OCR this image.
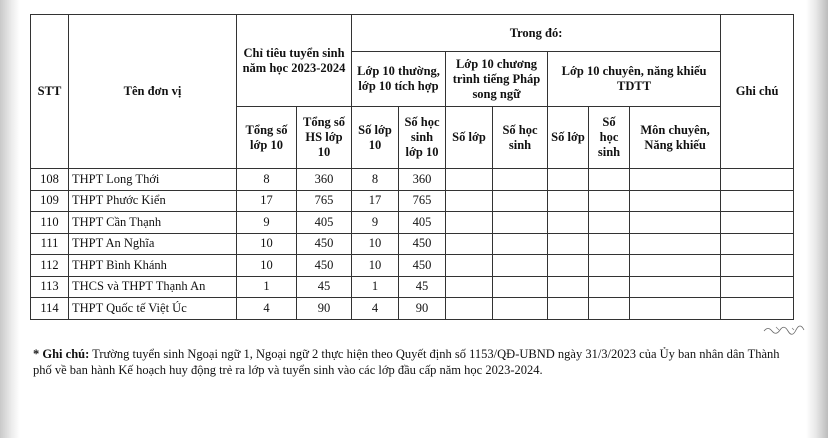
STT	Tên đơn vị	Chỉ tiêu tuyển sinh năm học 2023-2024		Trong đó:							Ghi chú
				Lớp 10 thường, lớp 10 tích hợp		Lớp 10 chương trình tiếng Pháp song ngữ		Lớp 10 chuyên, năng khiếu TDTT			
		Tổng số lớp 10	Tổng số HS lớp 10	Số lớp 10	Số học sinh lớp 10	Số lớp	Số học sinh	Số lớp	Số học sinh	Môn chuyên, Năng khiếu	
108	THPT Long Thới	8	360	8	360						
109	THPT Phước Kiển	17	765	17	765						
110	THPT Cần Thạnh	9	405	9	405						
111	THPT An Nghĩa	10	450	10	450						
112	THPT Bình Khánh	10	450	10	450						
113	THCS và THPT Thạnh An	1	45	1	45						
114	THPT Quốc tế Việt Úc	4	90	4	90						
* Ghi chú: Trường tuyển sinh Ngoại ngữ 1, Ngoại ngữ 2 thực hiện theo Quyết định số 1153/QĐ-UBND ngày 31/3/2023 của Ủy ban nhân dân Thành phố về ban hành Kế hoạch huy động trẻ ra lớp và tuyển sinh vào các lớp đầu cấp năm học 2023-2024.
